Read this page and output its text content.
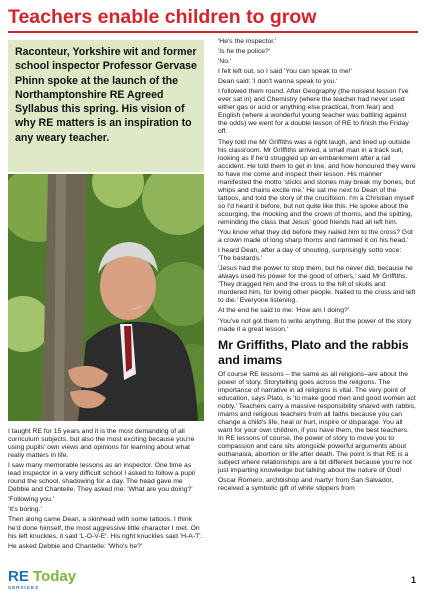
Teachers enable children to grow

Raconteur, Yorkshire wit and former school inspector Professor Gervase Phinn spoke at the launch of the Northamptonshire RE Agreed Syllabus this spring. His vision of why RE matters is an inspiration to any weary teacher.

I taught RE for 15 years and it is the most demanding of all curriculum subjects, but also the most exciting because you're using pupils' own views and opinions for learning about what really matters in life.

I saw many memorable lessons as an inspector. One time as lead inspector in a very difficult school I asked to follow a pupil round the school, shadowing for a day. The head gave me Debbie and Chantelle. They asked me: 'What are you doing?'

'Following you.'

'It's boring.'

Then along came Dean, a skinhead with some tattoos. I think he'd done himself, the most aggressive little character I met. On his left knuckles, it said 'L-O-V-E'. His right knuckles said 'H-A-T'.

He asked Debbie and Chantelle: 'Who's he?'

'He's the inspector.'

'Is he the police?'

'No.'

I felt left out, so I said 'You can speak to me!'

Dean said: 'I don't wanna speak to you.'

I followed them round. After Geography (the noisiest lesson I've ever sat in) and Chemistry (where the teacher had never used either gas or acid or anything else practical, from fear) and English (where a wonderful young teacher was battling against the odds) we went for a double lesson of RE to finish the Friday off.

They told me Mr Griffiths was a right laugh, and lined up outside his classroom. Mr Griffiths arrived, a small man in a track suit, looking as if he'd struggled up an embankment after a rail accident. He told them to get in line, and how honoured they were to have me come and inspect their lesson. His manner manifested the motto 'sticks and stones may break my bones, but whips and chains excite me.' He sat me next to Dean of the tattoos, and told the story of the crucifixion. I'm a Christian myself so I'd heard it before, but not quite like this. He spoke about the scourging, the mocking and the crown of thorns, and the spitting, reminding the class that Jesus' good friends had all left him.

'You know what they did before they nailed him to the cross? Got a crown made of long sharp thorns and rammed it on his head.'

I heard Dean, after a day of shouting, surprisingly sotto voce: 'The bastards.'

'Jesus had the power to stop them, but he never did, because he always used his power for the good of others,' said Mr Griffiths. 'They dragged him and the cross to the hill of skulls and murdered him, for loving other people. Nailed to the cross and left to die.' Everyone listening.

At the end he said to me: 'How am I doing?'

'You've not got them to write anything. But the power of the story made it a great lesson.'

Mr Griffiths, Plato and the rabbis and imams

Of course RE lessons – the same as all religions–are about the power of story. Storytelling goes across the religions. The importance of narrative in all religions is vital. The very point of education, says Plato, is 'to make good men and good women act nobly.' Teachers carry a massive responsibility shared with rabbis, imams and religious teachers from all faiths because you can change a child's life, heal or hurt, inspire or disparage. You all want for your own children, if you have them, the best teachers. In RE lessons of course, the power of story to move you to compassion and care sits alongside powerful arguments about euthanasia, abortion or life after death. The point is that RE is a subject where relationships are a bit different because you're not just imparting knowledge but talking about the nature of God!

Oscar Romero, archbishop and martyr from San Salvador, received a symbolic gift of white slippers from

RE Today
SERVICES
1
